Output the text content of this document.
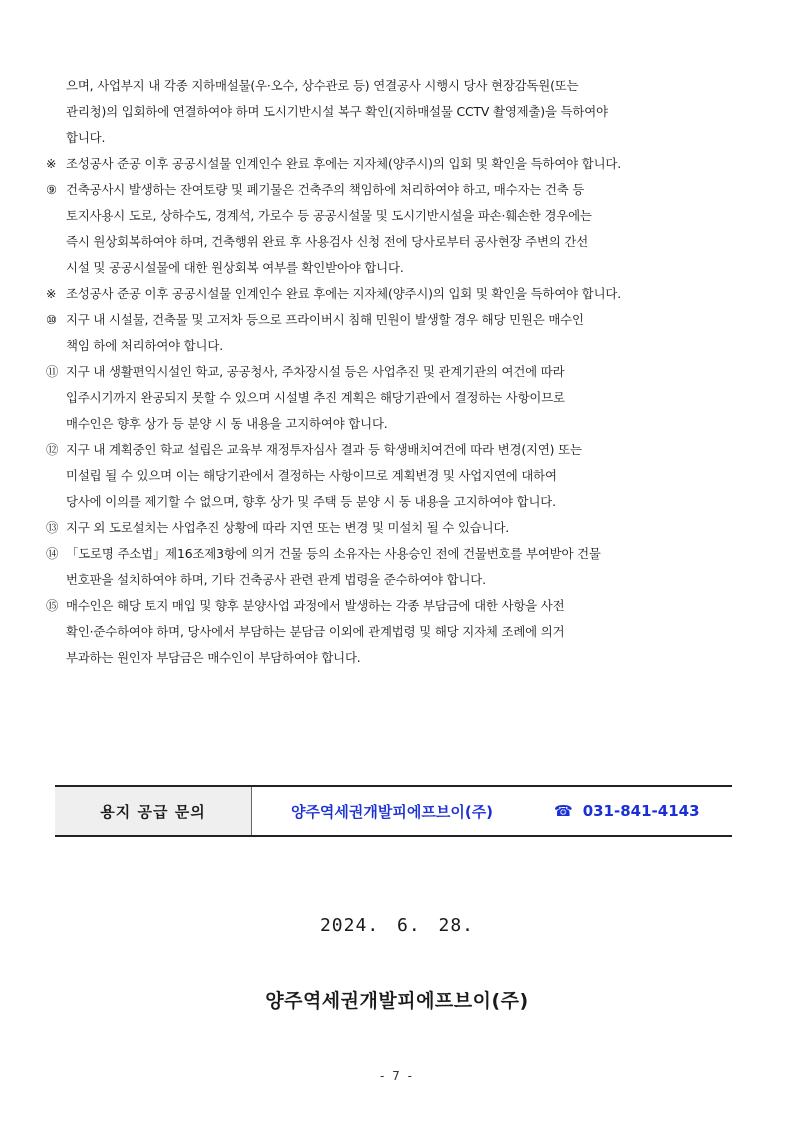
으며, 사업부지 내 각종 지하매설물(우·오수, 상수관로 등) 연결공사 시행시 당사 현장감독원(또는
관리청)의 입회하에 연결하여야 하며 도시기반시설 복구 확인(지하매설물 CCTV 촬영제출)을 득하여야
합니다.
※ 조성공사 준공 이후 공공시설물 인계인수 완료 후에는 지자체(양주시)의 입회 및 확인을 득하여야 합니다.
⑨ 건축공사시 발생하는 잔여토량 및 폐기물은 건축주의 책임하에 처리하여야 하고, 매수자는 건축 등
토지사용시 도로, 상하수도, 경계석, 가로수 등 공공시설물 및 도시기반시설을 파손·훼손한 경우에는
즉시 원상회복하여야 하며, 건축행위 완료 후 사용검사 신청 전에 당사로부터 공사현장 주변의 간선
시설 및 공공시설물에 대한 원상회복 여부를 확인받아야 합니다.
※ 조성공사 준공 이후 공공시설물 인계인수 완료 후에는 지자체(양주시)의 입회 및 확인을 득하여야 합니다.
⑩ 지구 내 시설물, 건축물 및 고저차 등으로 프라이버시 침해 민원이 발생할 경우 해당 민원은 매수인
책임 하에 처리하여야 합니다.
⑪ 지구 내 생활편익시설인 학교, 공공청사, 주차장시설 등은 사업추진 및 관계기관의 여건에 따라
입주시기까지 완공되지 못할 수 있으며 시설별 추진 계획은 해당기관에서 결정하는 사항이므로
매수인은 향후 상가 등 분양 시 동 내용을 고지하여야 합니다.
⑫ 지구 내 계획중인 학교 설립은 교육부 재정투자심사 결과 등 학생배치여건에 따라 변경(지연) 또는
미설립 될 수 있으며 이는 해당기관에서 결정하는 사항이므로 계획변경 및 사업지연에 대하여
당사에 이의를 제기할 수 없으며, 향후 상가 및 주택 등 분양 시 동 내용을 고지하여야 합니다.
⑬ 지구 외 도로설치는 사업추진 상황에 따라 지연 또는 변경 및 미설치 될 수 있습니다.
⑭ 「도로명 주소법」제16조제3항에 의거 건물 등의 소유자는 사용승인 전에 건물번호를 부여받아 건물
번호판을 설치하여야 하며, 기타 건축공사 관련 관계 법령을 준수하여야 합니다.
⑮ 매수인은 해당 토지 매입 및 향후 분양사업 과정에서 발생하는 각종 부담금에 대한 사항을 사전
확인·준수하여야 하며, 당사에서 부담하는 분담금 이외에 관계법령 및 해당 지자체 조례에 의거
부과하는 원인자 부담금은 매수인이 부담하여야 합니다.
용지 공급 문의	양주역세권개발피에프브이(주)	☎ 031-841-4143
2024. 6. 28.
양주역세권개발피에프브이(주)
- 7 -
